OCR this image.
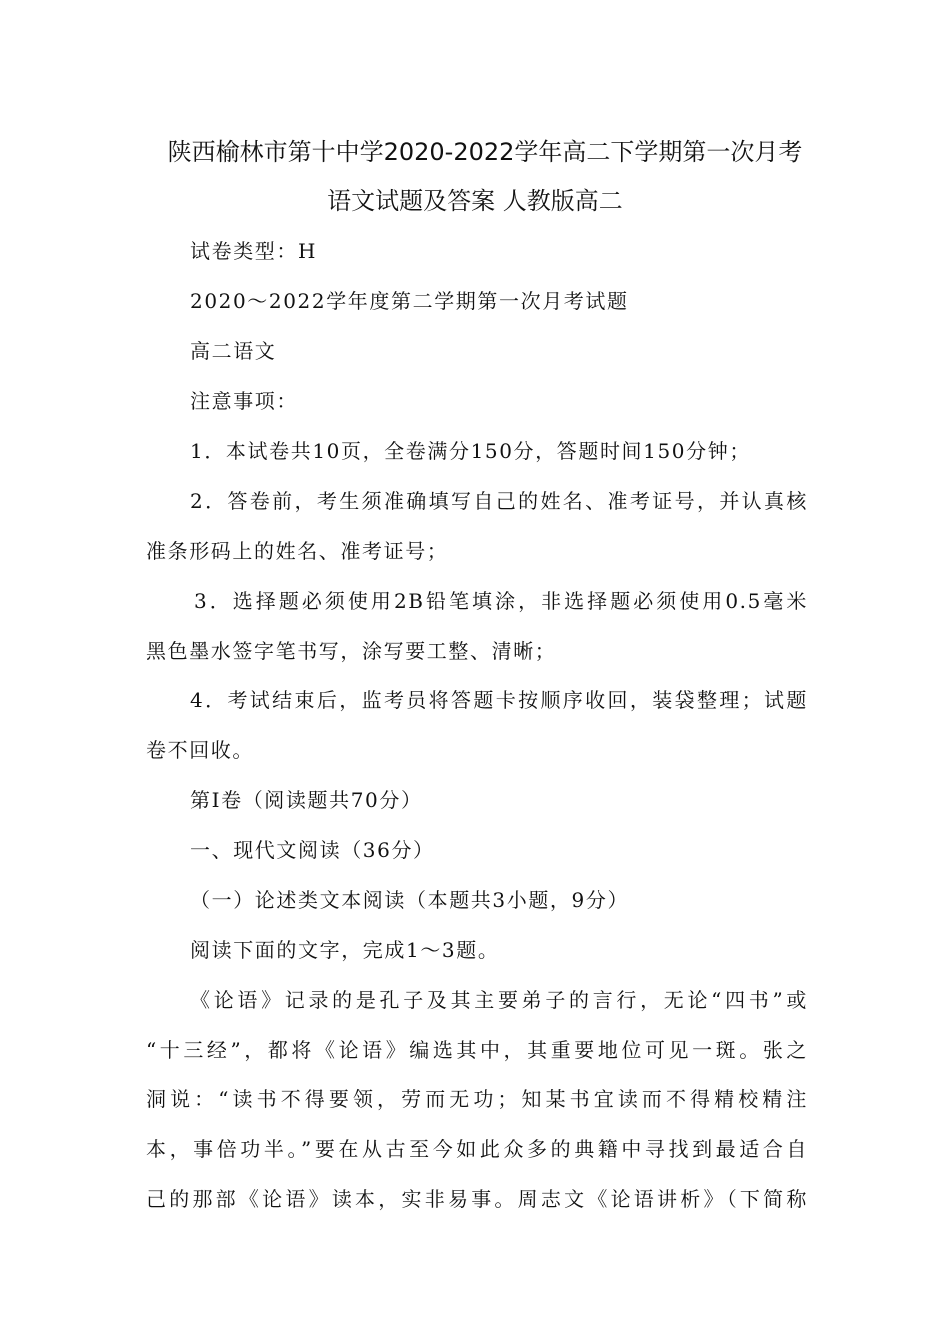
陕西榆林市第十中学2020-2022学年高二下学期第一次月考
语文试题及答案 人教版高二
试卷类型：H
2020～2022学年度第二学期第一次月考试题
高二语文
注意事项：
1．本试卷共10页，全卷满分150分，答题时间150分钟；
2．答卷前，考生须准确填写自己的姓名、准考证号，并认真核
准条形码上的姓名、准考证号；
3．选择题必须使用2B铅笔填涂，非选择题必须使用0.5毫米
黑色墨水签字笔书写，涂写要工整、清晰；
4．考试结束后，监考员将答题卡按顺序收回，装袋整理；试题
卷不回收。
第Ⅰ卷（阅读题共70分）
一、现代文阅读（36分）
（一）论述类文本阅读（本题共3小题，9分）
阅读下面的文字，完成1～3题。
《论语》记录的是孔子及其主要弟子的言行，无论“四书”或
“十三经”，都将《论语》编选其中，其重要地位可见一斑。张之
洞说：“读书不得要领，劳而无功；知某书宜读而不得精校精注
本，事倍功半。”要在从古至今如此众多的典籍中寻找到最适合自
己的那部《论语》读本，实非易事。周志文《论语讲析》（下简称
